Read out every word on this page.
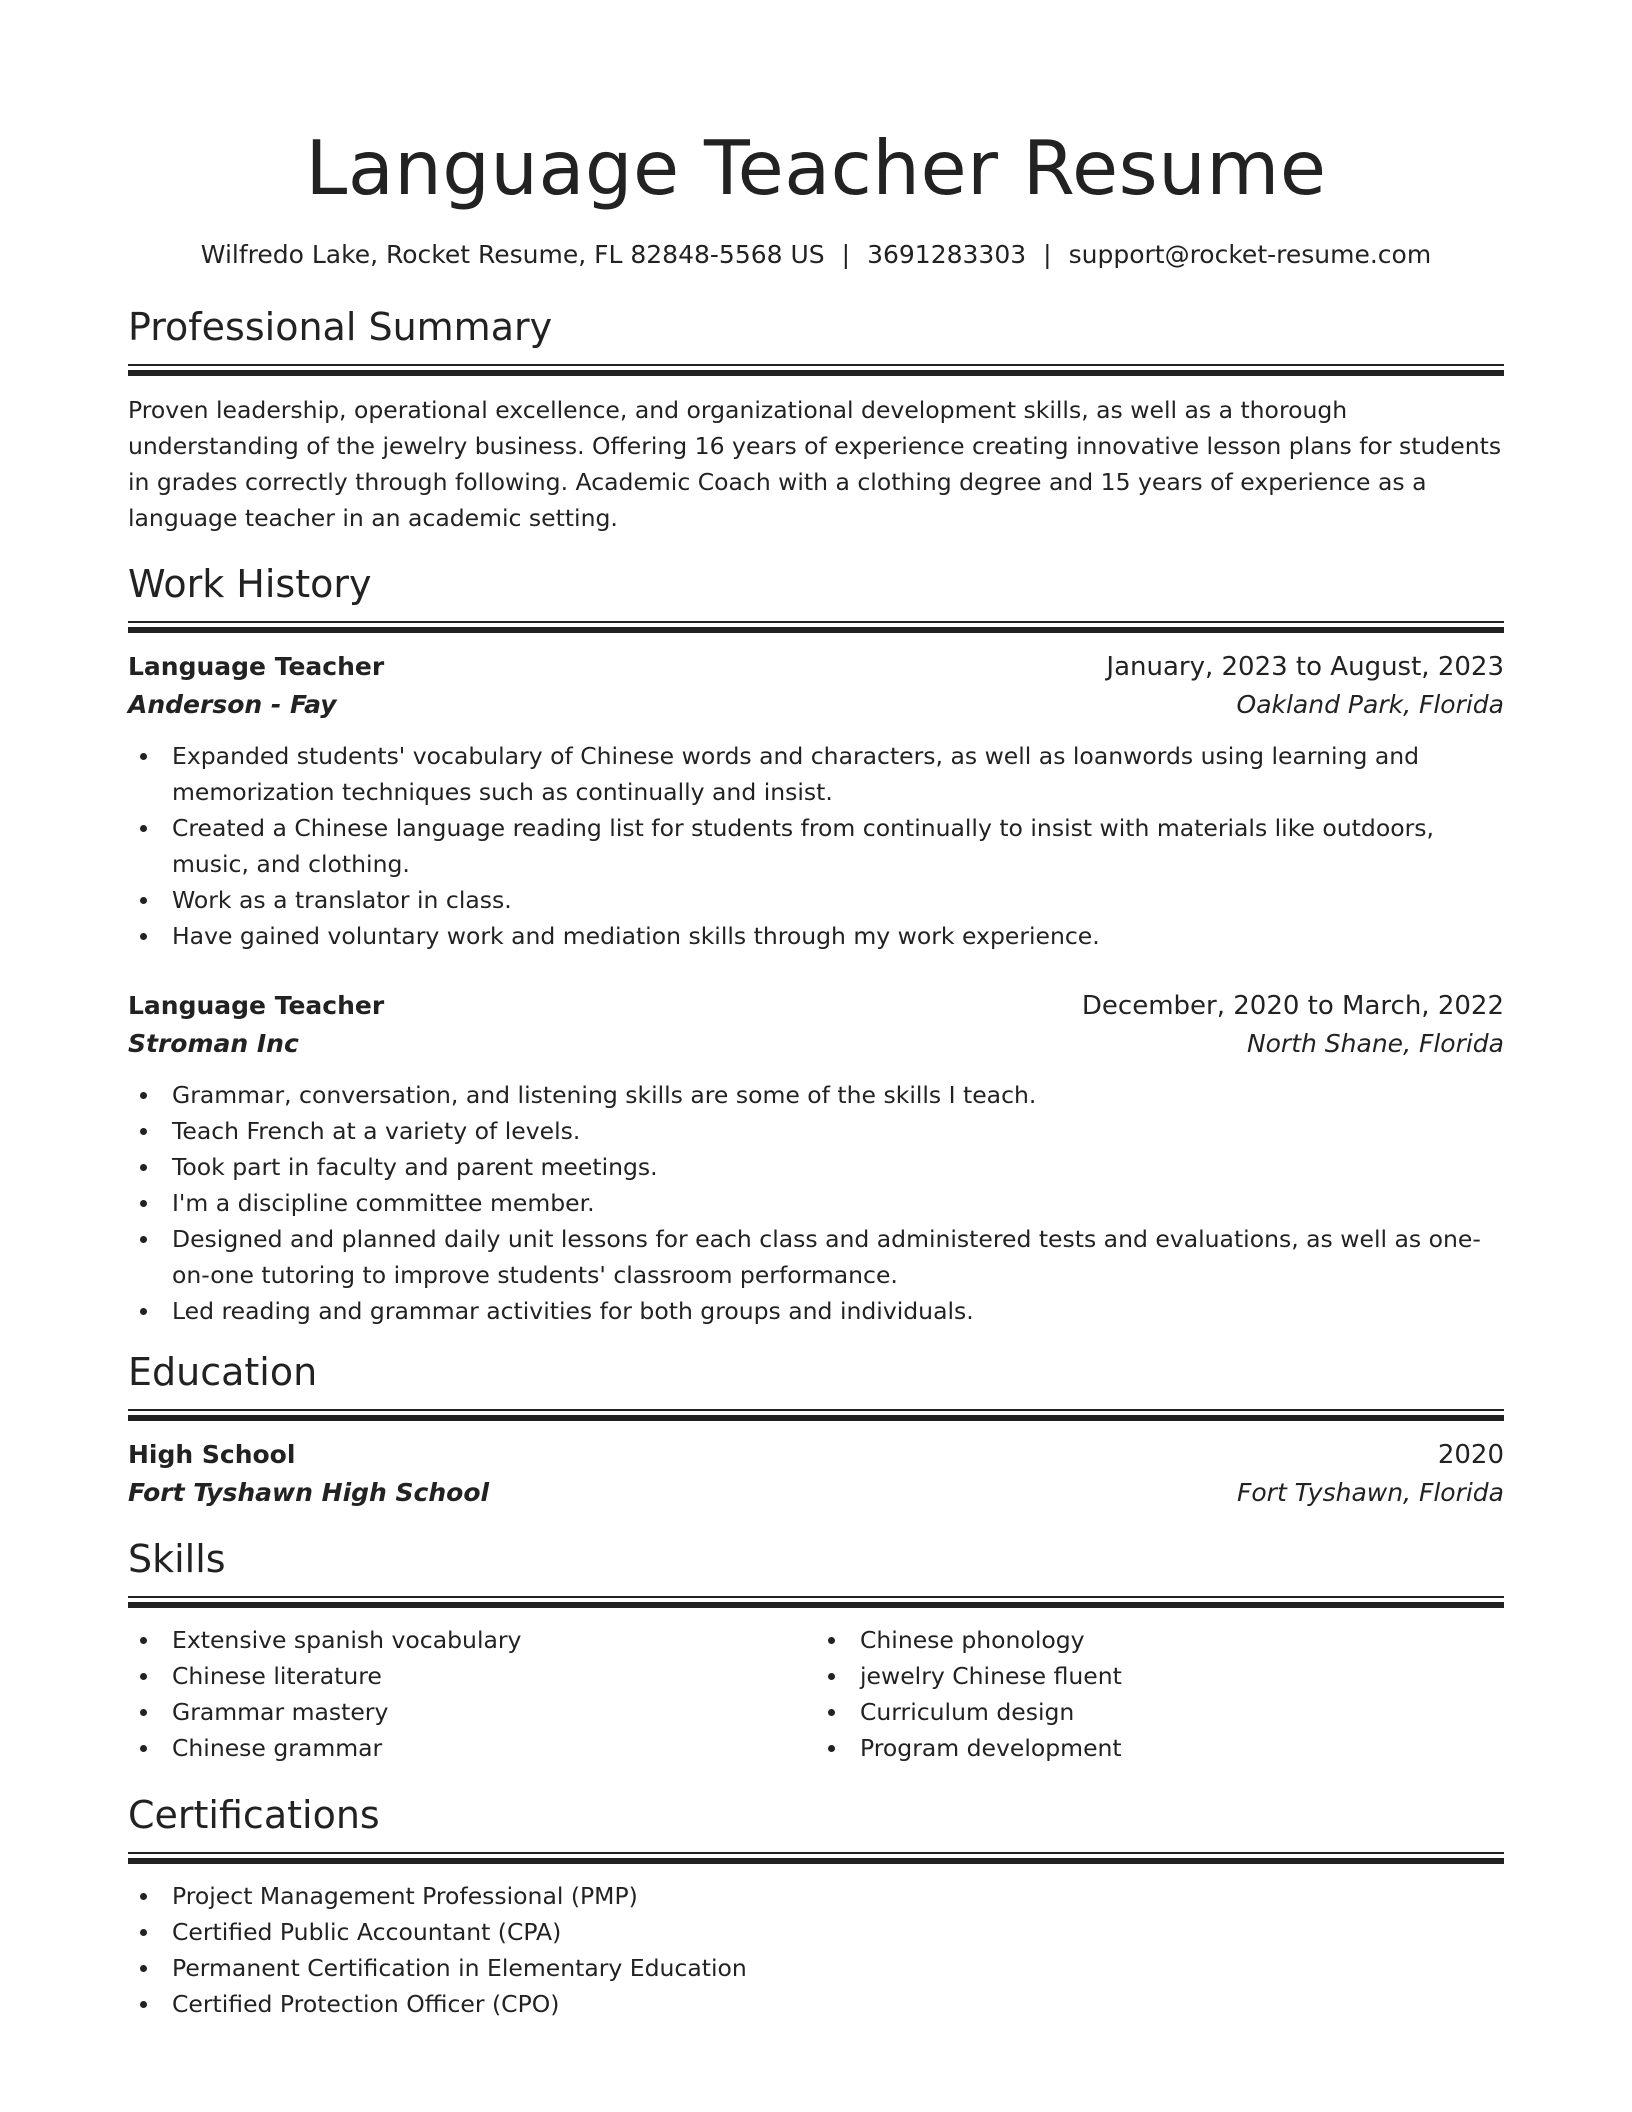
Language Teacher Resume
Wilfredo Lake, Rocket Resume, FL 82848-5568 US | 3691283303 | support@rocket-resume.com
Professional Summary
Proven leadership, operational excellence, and organizational development skills, as well as a thorough understanding of the jewelry business. Offering 16 years of experience creating innovative lesson plans for students in grades correctly through following. Academic Coach with a clothing degree and 15 years of experience as a language teacher in an academic setting.
Work History
Language Teacher	January, 2023 to August, 2023
Anderson - Fay	Oakland Park, Florida
Expanded students' vocabulary of Chinese words and characters, as well as loanwords using learning and memorization techniques such as continually and insist.
Created a Chinese language reading list for students from continually to insist with materials like outdoors, music, and clothing.
Work as a translator in class.
Have gained voluntary work and mediation skills through my work experience.
Language Teacher	December, 2020 to March, 2022
Stroman Inc	North Shane, Florida
Grammar, conversation, and listening skills are some of the skills I teach.
Teach French at a variety of levels.
Took part in faculty and parent meetings.
I'm a discipline committee member.
Designed and planned daily unit lessons for each class and administered tests and evaluations, as well as one-on-one tutoring to improve students' classroom performance.
Led reading and grammar activities for both groups and individuals.
Education
High School	2020
Fort Tyshawn High School	Fort Tyshawn, Florida
Skills
Extensive spanish vocabulary
Chinese literature
Grammar mastery
Chinese grammar
Chinese phonology
jewelry Chinese fluent
Curriculum design
Program development
Certifications
Project Management Professional (PMP)
Certified Public Accountant (CPA)
Permanent Certification in Elementary Education
Certified Protection Officer (CPO)
